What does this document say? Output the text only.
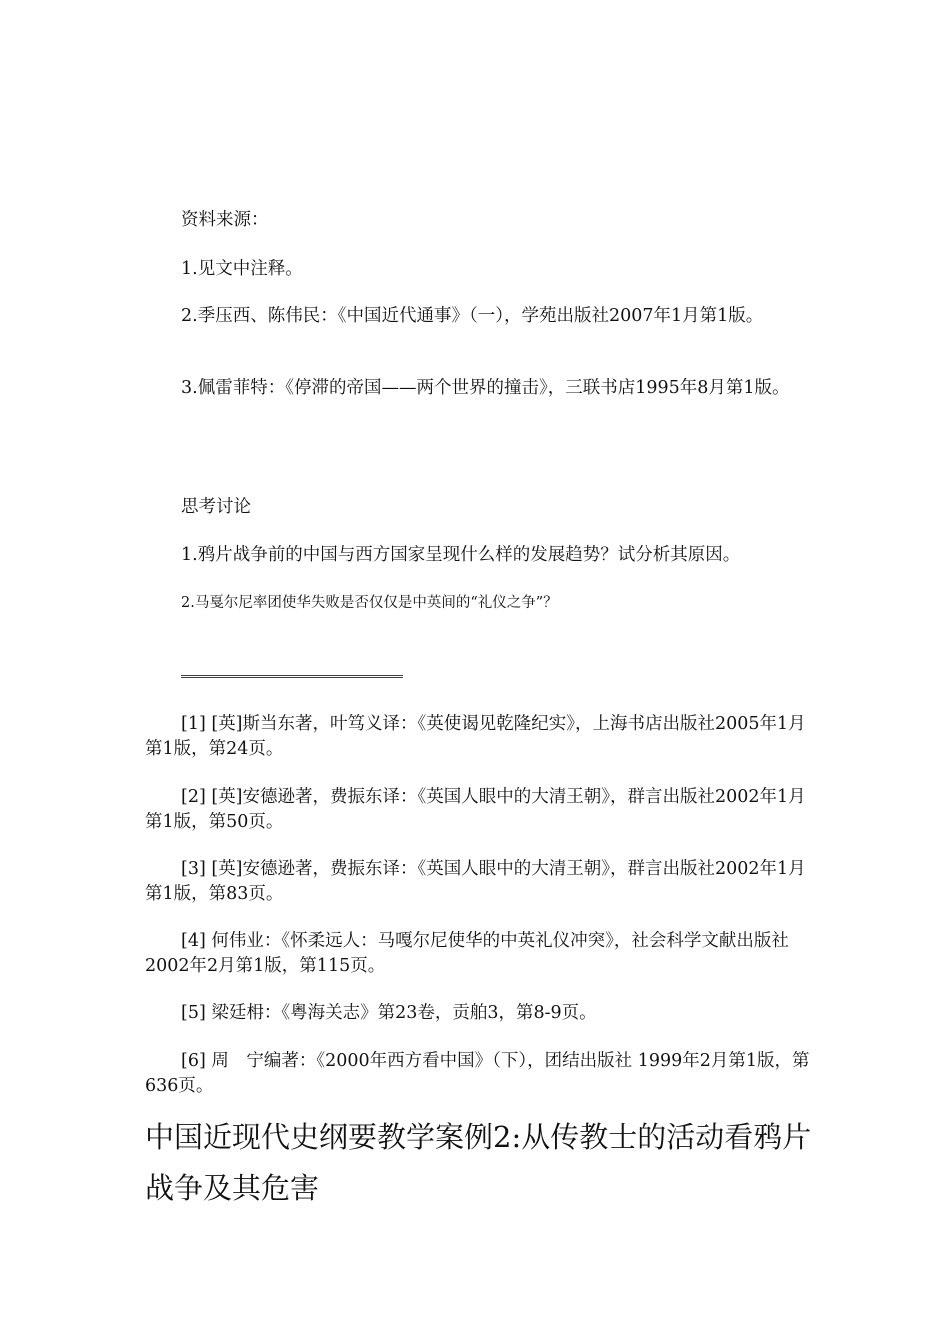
资料来源：

1.见文中注释。

2.季压西、陈伟民：《中国近代通事》（一），学苑出版社2007年1月第1版。

3.佩雷菲特：《停滞的帝国——两个世界的撞击》，三联书店1995年8月第1版。

思考讨论

1.鸦片战争前的中国与西方国家呈现什么样的发展趋势？试分析其原因。

2.马戛尔尼率团使华失败是否仅仅是中英间的“礼仪之争”？

[1] [英]斯当东著，叶笃义译：《英使谒见乾隆纪实》，上海书店出版社2005年1月第1版，第24页。

[2] [英]安德逊著，费振东译：《英国人眼中的大清王朝》，群言出版社2002年1月第1版，第50页。

[3] [英]安德逊著，费振东译：《英国人眼中的大清王朝》，群言出版社2002年1月第1版，第83页。

[4] 何伟业：《怀柔远人：马嘎尔尼使华的中英礼仪冲突》，社会科学文献出版社2002年2月第1版，第115页。

[5] 梁廷枏：《粤海关志》第23卷，贡舶3，第8-9页。

[6] 周　宁编著：《2000年西方看中国》（下），团结出版社 1999年2月第1版，第636页。

中国近现代史纲要教学案例2:从传教士的活动看鸦片战争及其危害
